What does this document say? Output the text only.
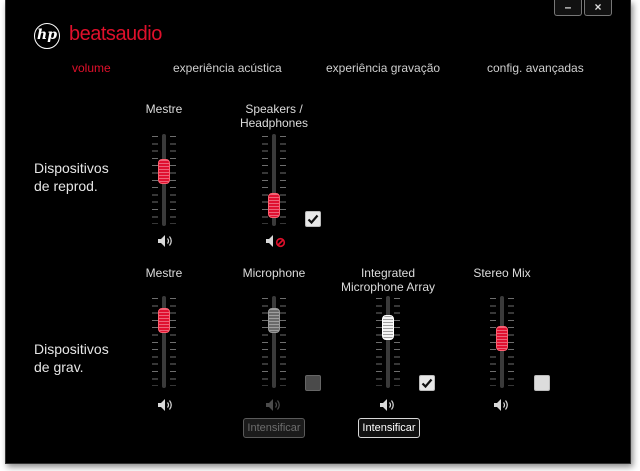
–	×
hp beatsaudio
volume	experiência acústica	experiência gravação	config. avançadas
Dispositivos
de reprod.
Mestre	Speakers /
Headphones
Dispositivos
de grav.
Mestre	Microphone
Intensificar
Integrated
Microphone Array
Intensificar
Stereo Mix
